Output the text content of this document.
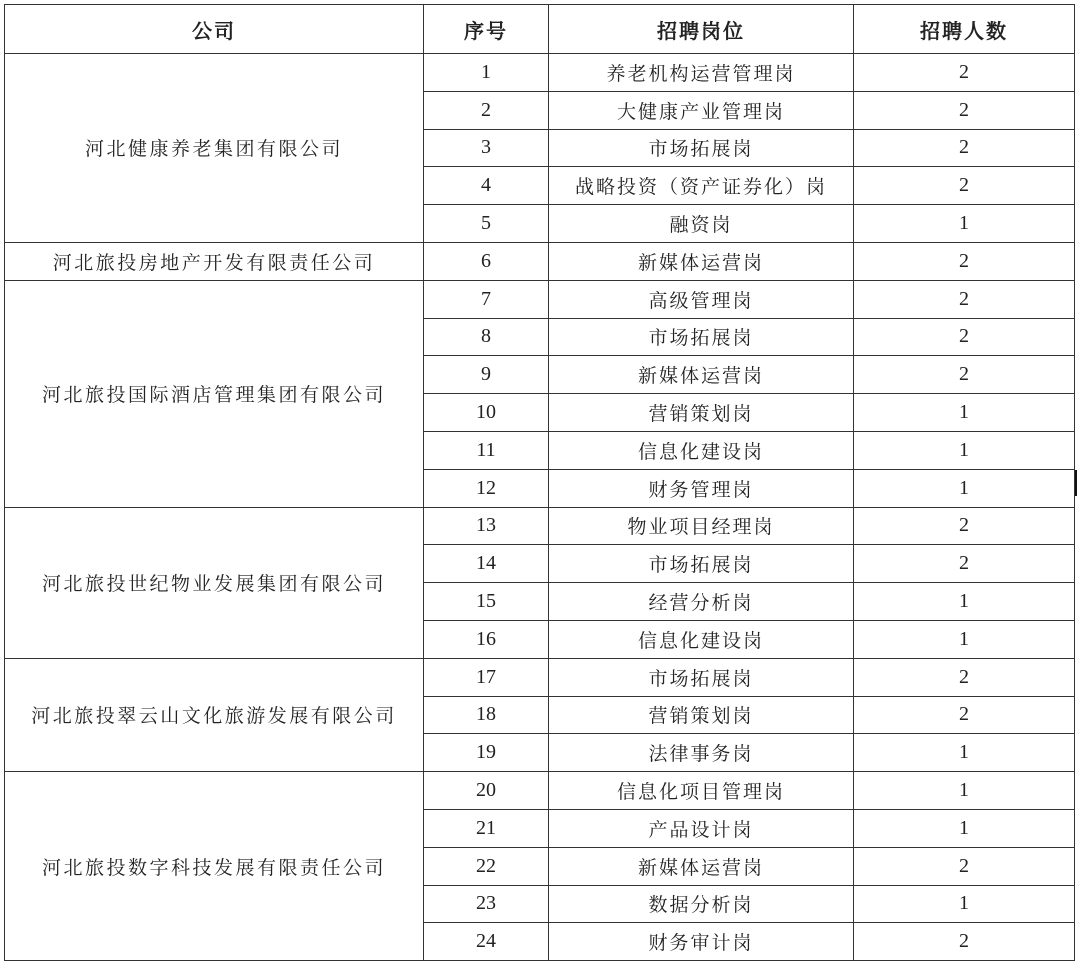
公司	序号	招聘岗位	招聘人数
河北健康养老集团有限公司	1	养老机构运营管理岗	2
	2	大健康产业管理岗	2
	3	市场拓展岗	2
	4	战略投资（资产证券化）岗	2
	5	融资岗	1
河北旅投房地产开发有限责任公司	6	新媒体运营岗	2
河北旅投国际酒店管理集团有限公司	7	高级管理岗	2
	8	市场拓展岗	2
	9	新媒体运营岗	2
	10	营销策划岗	1
	11	信息化建设岗	1
	12	财务管理岗	1
河北旅投世纪物业发展集团有限公司	13	物业项目经理岗	2
	14	市场拓展岗	2
	15	经营分析岗	1
	16	信息化建设岗	1
河北旅投翠云山文化旅游发展有限公司	17	市场拓展岗	2
	18	营销策划岗	2
	19	法律事务岗	1
河北旅投数字科技发展有限责任公司	20	信息化项目管理岗	1
	21	产品设计岗	1
	22	新媒体运营岗	2
	23	数据分析岗	1
	24	财务审计岗	2
